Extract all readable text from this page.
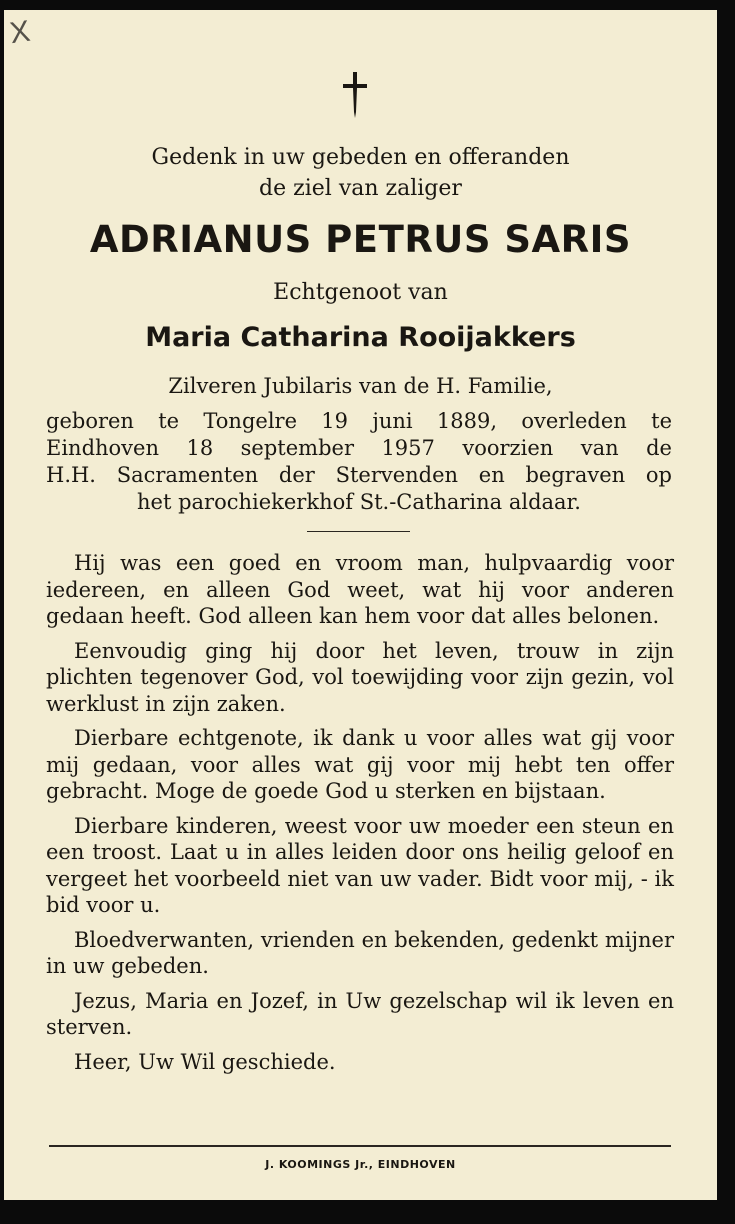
X
Gedenk in uw gebeden en offeranden
de ziel van zaliger
ADRIANUS PETRUS SARIS
Echtgenoot van
Maria Catharina Rooijakkers
Zilveren Jubilaris van de H. Familie,
geboren te Tongelre 19 juni 1889, overleden te
Eindhoven 18 september 1957 voorzien van de
H.H. Sacramenten der Stervenden en begraven op
het parochiekerkhof St.-Catharina aldaar.

Hij was een goed en vroom man, hulpvaardig voor iedereen, en alleen God weet, wat hij voor anderen gedaan heeft. God alleen kan hem voor dat alles belonen.

Eenvoudig ging hij door het leven, trouw in zijn plichten tegenover God, vol toewijding voor zijn gezin, vol werklust in zijn zaken.

Dierbare echtgenote, ik dank u voor alles wat gij voor mij gedaan, voor alles wat gij voor mij hebt ten offer gebracht. Moge de goede God u sterken en bijstaan.

Dierbare kinderen, weest voor uw moeder een steun en een troost. Laat u in alles leiden door ons heilig geloof en vergeet het voorbeeld niet van uw vader. Bidt voor mij, - ik bid voor u.

Bloedverwanten, vrienden en bekenden, gedenkt mijner in uw gebeden.

Jezus, Maria en Jozef, in Uw gezelschap wil ik leven en sterven.

Heer, Uw Wil geschiede.

J. KOOMINGS Jr., EINDHOVEN
